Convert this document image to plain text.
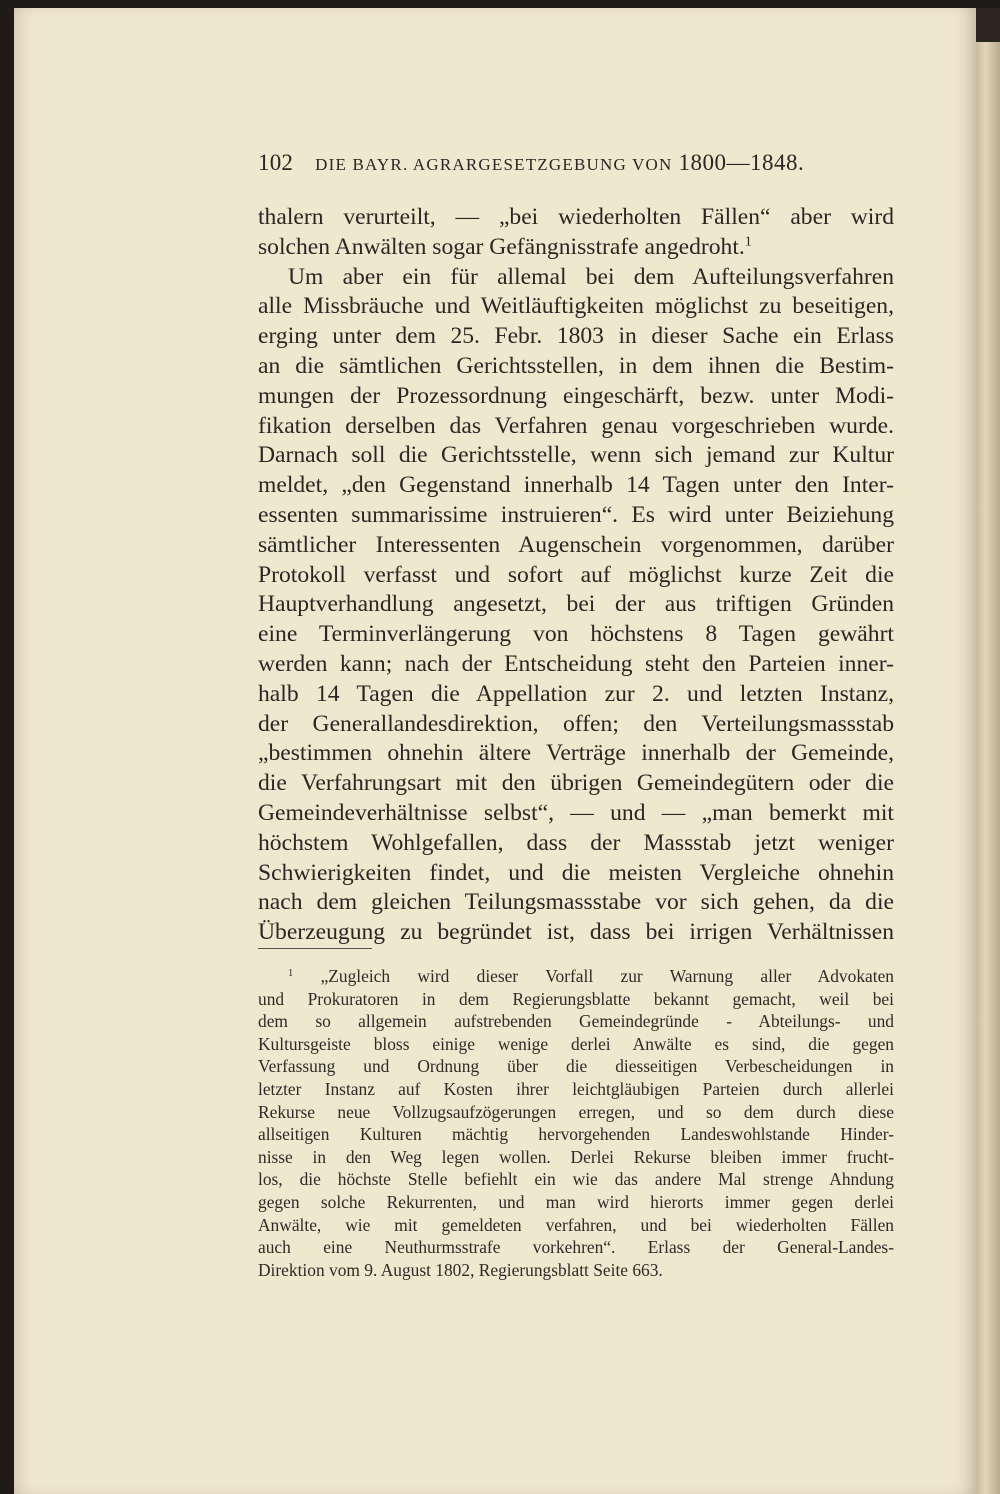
102 DIE BAYR. AGRARGESETZGEBUNG VON 1800—1848.
thalern verurteilt, — „bei wiederholten Fällen“ aber wird
solchen Anwälten sogar Gefängnisstrafe angedroht.$^1$
Um aber ein für allemal bei dem Aufteilungsverfahren
alle Missbräuche und Weitläuftigkeiten möglichst zu beseitigen,
erging unter dem 25. Febr. 1803 in dieser Sache ein Erlass
an die sämtlichen Gerichtsstellen, in dem ihnen die Bestim-
mungen der Prozessordnung eingeschärft, bezw. unter Modi-
fikation derselben das Verfahren genau vorgeschrieben wurde.
Darnach soll die Gerichtsstelle, wenn sich jemand zur Kultur
meldet, „den Gegenstand innerhalb 14 Tagen unter den Inter-
essenten summarissime instruieren“. Es wird unter Beiziehung
sämtlicher Interessenten Augenschein vorgenommen, darüber
Protokoll verfasst und sofort auf möglichst kurze Zeit die
Hauptverhandlung angesetzt, bei der aus triftigen Gründen
eine Terminverlängerung von höchstens 8 Tagen gewährt
werden kann; nach der Entscheidung steht den Parteien inner-
halb 14 Tagen die Appellation zur 2. und letzten Instanz,
der Generallandesdirektion, offen; den Verteilungsmassstab
„bestimmen ohnehin ältere Verträge innerhalb der Gemeinde,
die Verfahrungsart mit den übrigen Gemeindegütern oder die
Gemeindeverhältnisse selbst“, — und — „man bemerkt mit
höchstem Wohlgefallen, dass der Massstab jetzt weniger
Schwierigkeiten findet, und die meisten Vergleiche ohnehin
nach dem gleichen Teilungsmassstabe vor sich gehen, da die
Überzeugung zu begründet ist, dass bei irrigen Verhältnissen
$^1$ „Zugleich wird dieser Vorfall zur Warnung aller Advokaten
und Prokuratoren in dem Regierungsblatte bekannt gemacht, weil bei
dem so allgemein aufstrebenden Gemeindegründe - Abteilungs- und
Kultursgeiste bloss einige wenige derlei Anwälte es sind, die gegen
Verfassung und Ordnung über die diesseitigen Verbescheidungen in
letzter Instanz auf Kosten ihrer leichtgläubigen Parteien durch allerlei
Rekurse neue Vollzugsaufzögerungen erregen, und so dem durch diese
allseitigen Kulturen mächtig hervorgehenden Landeswohlstande Hinder-
nisse in den Weg legen wollen. Derlei Rekurse bleiben immer frucht-
los, die höchste Stelle befiehlt ein wie das andere Mal strenge Ahndung
gegen solche Rekurrenten, und man wird hierorts immer gegen derlei
Anwälte, wie mit gemeldeten verfahren, und bei wiederholten Fällen
auch eine Neuthurmsstrafe vorkehren“. Erlass der General-Landes-
Direktion vom 9. August 1802, Regierungsblatt Seite 663.
